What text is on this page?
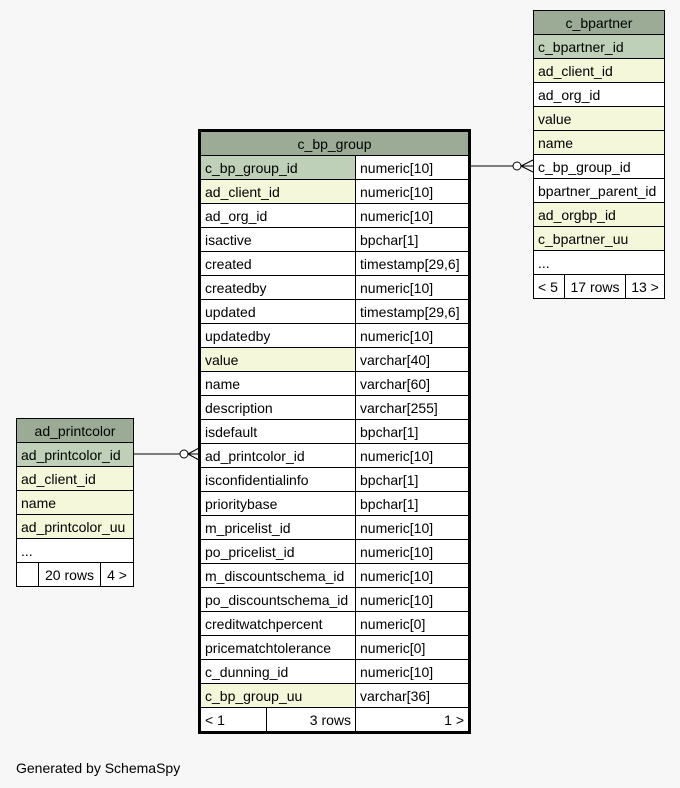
c_bp_group		
c_bp_group_id		numeric[10]
ad_client_id		numeric[10]
ad_org_id		numeric[10]
isactive		bpchar[1]
created		timestamp[29,6]
createdby		numeric[10]
updated		timestamp[29,6]
updatedby		numeric[10]
value		varchar[40]
name		varchar[60]
description		varchar[255]
isdefault		bpchar[1]
ad_printcolor_id		numeric[10]
isconfidentialinfo		bpchar[1]
prioritybase		bpchar[1]
m_pricelist_id		numeric[10]
po_pricelist_id		numeric[10]
m_discountschema_id		numeric[10]
po_discountschema_id		numeric[10]
creditwatchpercent		numeric[0]
pricematchtolerance		numeric[0]
c_dunning_id		numeric[10]
c_bp_group_uu		varchar[36]
< 1	3 rows	1 >
c_bpartner
c_bpartner_id
ad_client_id
ad_org_id
value
name
c_bp_group_id
bpartner_parent_id
ad_orgbp_id
c_bpartner_uu
...
< 5	17 rows	13 >
ad_printcolor
ad_printcolor_id
ad_client_id
name
ad_printcolor_uu
...
	20 rows	4 >
Generated by SchemaSpy
